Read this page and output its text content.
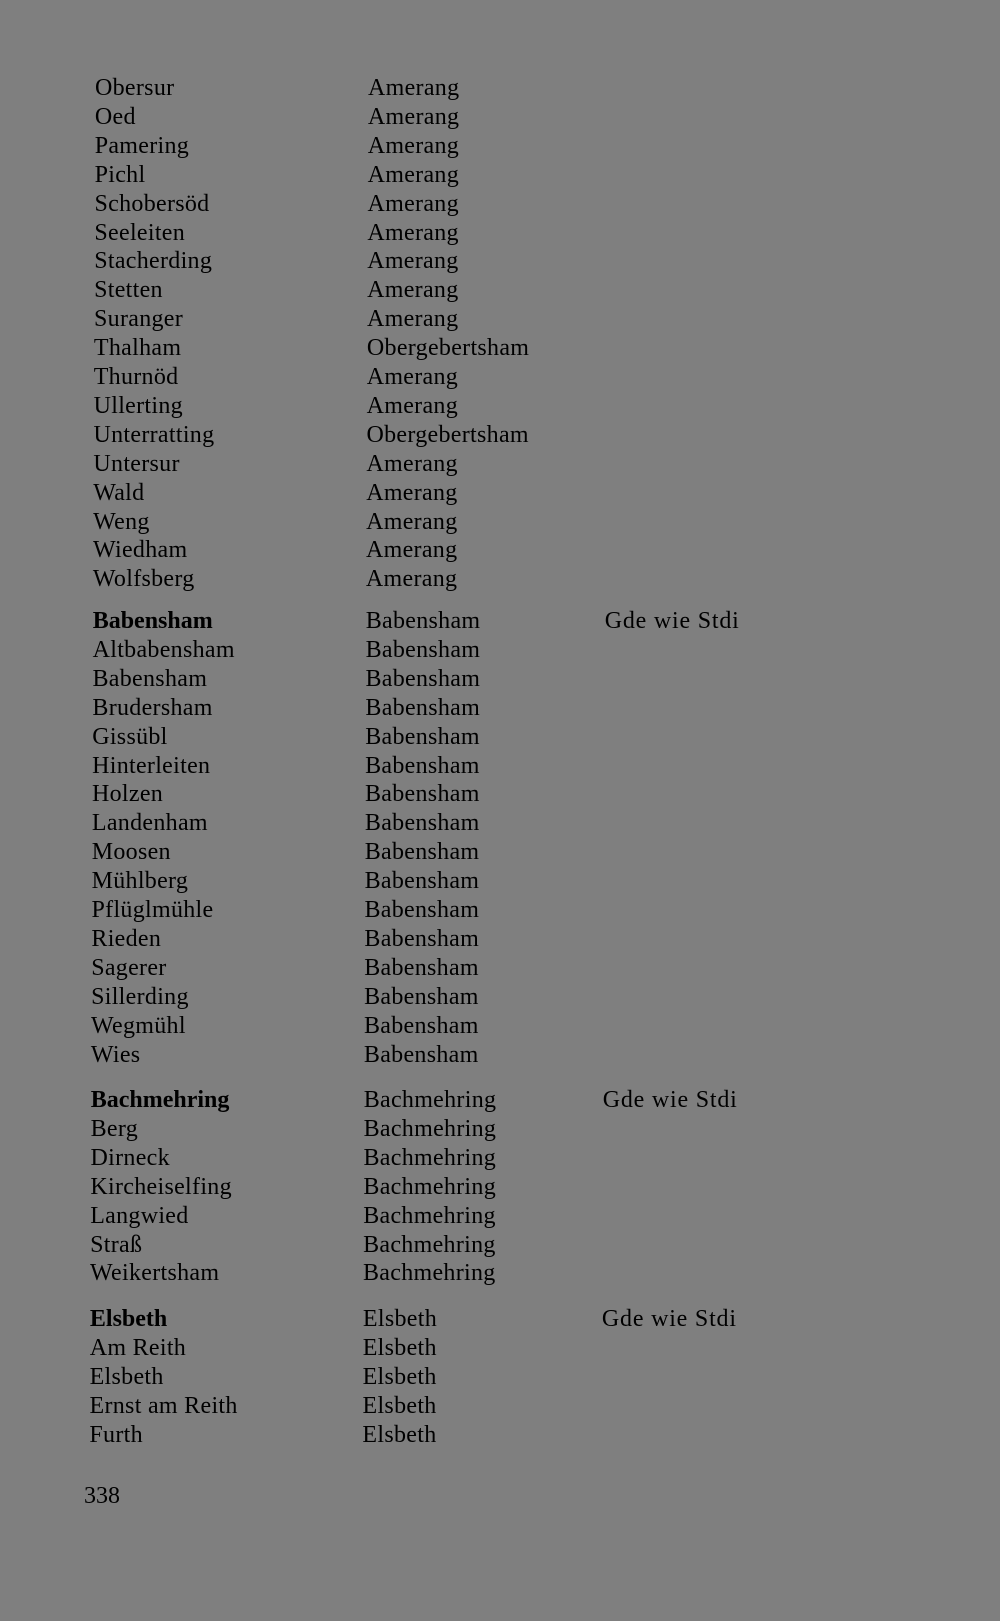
Obersur	Amerang
Oed	Amerang
Pamering	Amerang
Pichl	Amerang
Schobersöd	Amerang
Seeleiten	Amerang
Stacherding	Amerang
Stetten	Amerang
Suranger	Amerang
Thalham	Obergebertsham
Thurnöd	Amerang
Ullerting	Amerang
Unterratting	Obergebertsham
Untersur	Amerang
Wald	Amerang
Weng	Amerang
Wiedham	Amerang
Wolfsberg	Amerang
Babensham	Babensham	Gde wie Stdi
Altbabensham	Babensham
Babensham	Babensham
Brudersham	Babensham
Gissübl	Babensham
Hinterleiten	Babensham
Holzen	Babensham
Landenham	Babensham
Moosen	Babensham
Mühlberg	Babensham
Pflüglmühle	Babensham
Rieden	Babensham
Sagerer	Babensham
Sillerding	Babensham
Wegmühl	Babensham
Wies	Babensham
Bachmehring	Bachmehring	Gde wie Stdi
Berg	Bachmehring
Dirneck	Bachmehring
Kircheiselfing	Bachmehring
Langwied	Bachmehring
Straß	Bachmehring
Weikertsham	Bachmehring
Elsbeth	Elsbeth	Gde wie Stdi
Am Reith	Elsbeth
Elsbeth	Elsbeth
Ernst am Reith	Elsbeth
Furth	Elsbeth
338
